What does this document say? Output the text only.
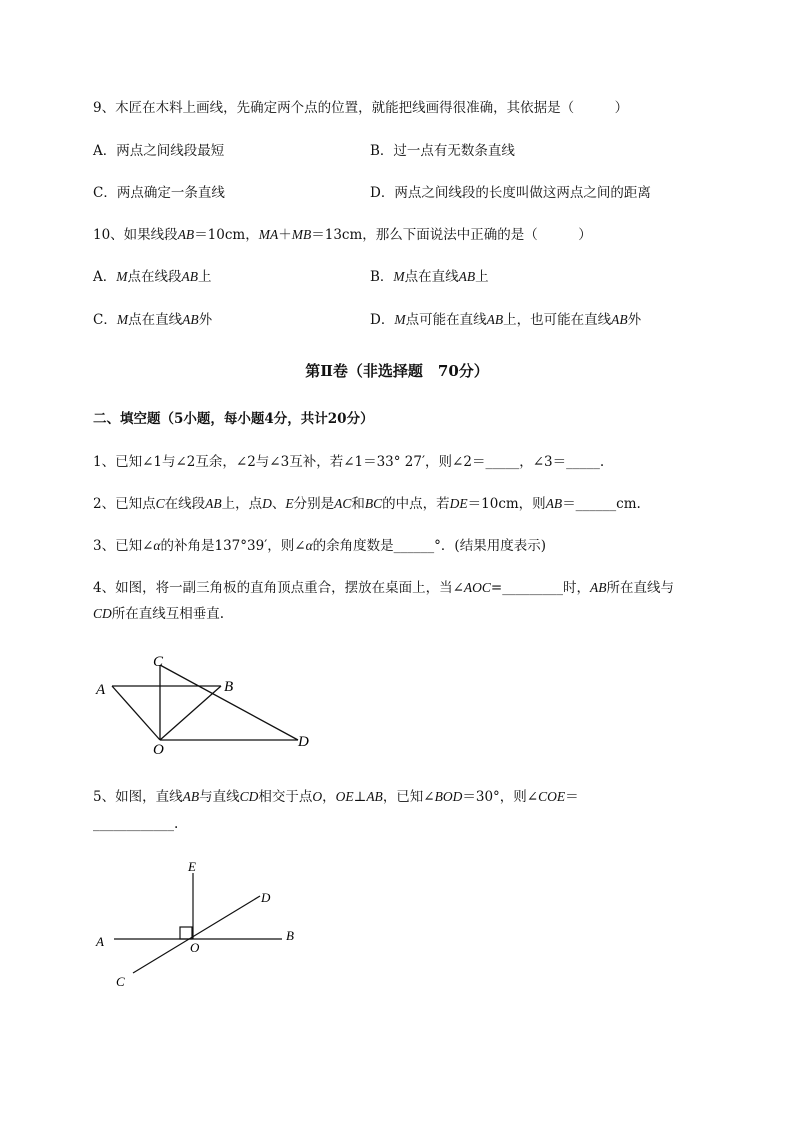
9、木匠在木料上画线，先确定两个点的位置，就能把线画得很准确，其依据是（　　　）
A．两点之间线段最短	B．过一点有无数条直线
C．两点确定一条直线	D．两点之间线段的长度叫做这两点之间的距离
10、如果线段AB＝10cm，MA＋MB＝13cm，那么下面说法中正确的是（　　　）
A．M点在线段AB上	B．M点在直线AB上
C．M点在直线AB外	D．M点可能在直线AB上，也可能在直线AB外
第Ⅱ卷（非选择题　70分）
二、填空题（5小题，每小题4分，共计20分）
1、已知∠1与∠2互余，∠2与∠3互补，若∠1＝33° 27′，则∠2＝_____，∠3＝_____.
2、已知点C在线段AB上，点D、E分别是AC和BC的中点，若DE＝10cm，则AB＝______cm.
3、已知∠α的补角是137°39′，则∠α的余角度数是______°．(结果用度表示)
4、如图，将一副三角板的直角顶点重合，摆放在桌面上，当∠AOC=_________时，AB所在直线与
CD所在直线互相垂直.
A	B
C
O	D
5、如图，直线AB与直线CD相交于点O，OE⊥AB，已知∠BOD＝30°，则∠COE＝
____________.
A	B
C
D
E
O
